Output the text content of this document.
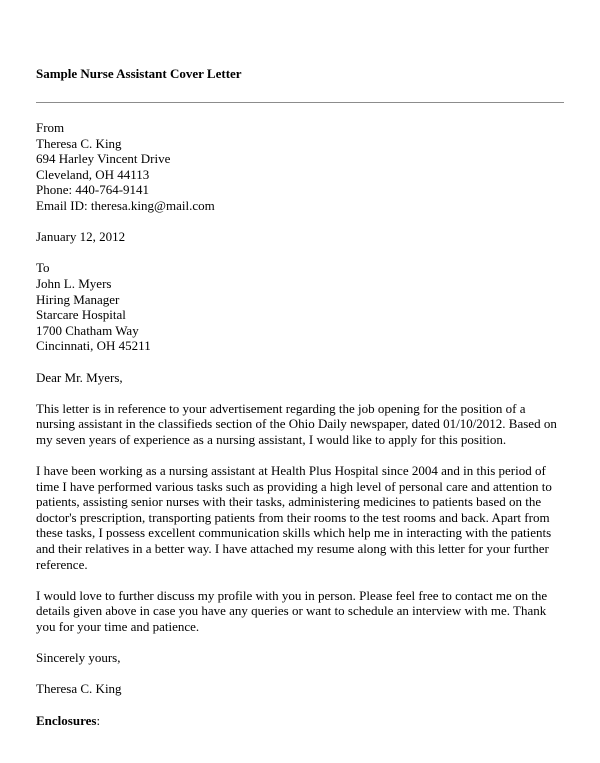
Sample Nurse Assistant Cover Letter
From
Theresa C. King
694 Harley Vincent Drive
Cleveland, OH 44113
Phone: 440-764-9141
Email ID: theresa.king@mail.com
January 12, 2012
To
John L. Myers
Hiring Manager
Starcare Hospital
1700 Chatham Way
Cincinnati, OH 45211
Dear Mr. Myers,
This letter is in reference to your advertisement regarding the job opening for the position of a
nursing assistant in the classifieds section of the Ohio Daily newspaper, dated 01/10/2012. Based on
my seven years of experience as a nursing assistant, I would like to apply for this position.
I have been working as a nursing assistant at Health Plus Hospital since 2004 and in this period of
time I have performed various tasks such as providing a high level of personal care and attention to
patients, assisting senior nurses with their tasks, administering medicines to patients based on the
doctor's prescription, transporting patients from their rooms to the test rooms and back. Apart from
these tasks, I possess excellent communication skills which help me in interacting with the patients
and their relatives in a better way. I have attached my resume along with this letter for your further
reference.
I would love to further discuss my profile with you in person. Please feel free to contact me on the
details given above in case you have any queries or want to schedule an interview with me. Thank
you for your time and patience.
Sincerely yours,
Theresa C. King
Enclosures:
